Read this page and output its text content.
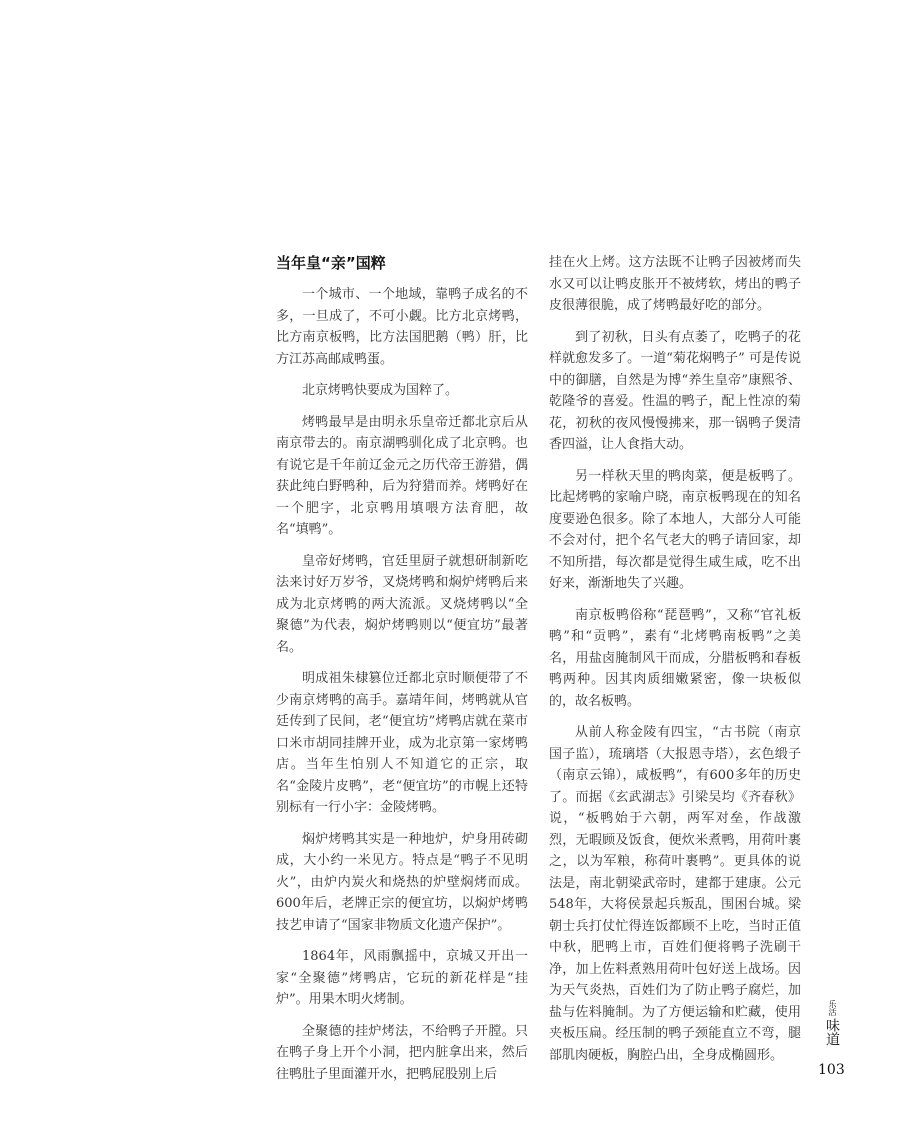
当年皇“亲”国粹

一个城市、一个地域，靠鸭子成名的不多，一旦成了，不可小觑。比方北京烤鸭，比方南京板鸭，比方法国肥鹅（鸭）肝，比方江苏高邮咸鸭蛋。

北京烤鸭快要成为国粹了。

烤鸭最早是由明永乐皇帝迁都北京后从南京带去的。南京湖鸭驯化成了北京鸭。也有说它是千年前辽金元之历代帝王游猎，偶获此纯白野鸭种，后为狩猎而养。烤鸭好在一个肥字，北京鸭用填喂方法育肥，故名“填鸭”。

皇帝好烤鸭，官廷里厨子就想研制新吃法来讨好万岁爷，叉烧烤鸭和焖炉烤鸭后来成为北京烤鸭的两大流派。叉烧烤鸭以“全聚德”为代表，焖炉烤鸭则以“便宜坊”最著名。

明成祖朱棣篡位迁都北京时顺便带了不少南京烤鸭的高手。嘉靖年间，烤鸭就从官廷传到了民间，老“便宜坊”烤鸭店就在菜市口米市胡同挂牌开业，成为北京第一家烤鸭店。当年生怕别人不知道它的正宗，取名“金陵片皮鸭”，老“便宜坊”的市幌上还特别标有一行小字：金陵烤鸭。

焖炉烤鸭其实是一种地炉，炉身用砖砌成，大小约一米见方。特点是“鸭子不见明火”，由炉内炭火和烧热的炉壁焖烤而成。600年后，老牌正宗的便宜坊，以焖炉烤鸭技艺申请了“国家非物质文化遗产保护”。

1864年，风雨飘摇中，京城又开出一家“全聚德”烤鸭店，它玩的新花样是“挂炉”。用果木明火烤制。

全聚德的挂炉烤法，不给鸭子开膛。只在鸭子身上开个小洞，把内脏拿出来，然后往鸭肚子里面灌开水，把鸭屁股别上后

挂在火上烤。这方法既不让鸭子因被烤而失水又可以让鸭皮胀开不被烤软，烤出的鸭子皮很薄很脆，成了烤鸭最好吃的部分。

到了初秋，日头有点萎了，吃鸭子的花样就愈发多了。一道“菊花焖鸭子” 可是传说中的御膳，自然是为博“养生皇帝”康熙爷、乾隆爷的喜爱。性温的鸭子，配上性凉的菊花，初秋的夜风慢慢拂来，那一锅鸭子煲清香四溢，让人食指大动。

另一样秋天里的鸭肉菜，便是板鸭了。比起烤鸭的家喻户晓，南京板鸭现在的知名度要逊色很多。除了本地人，大部分人可能不会对付，把个名气老大的鸭子请回家，却不知所措，每次都是觉得生咸生咸，吃不出好来，渐渐地失了兴趣。

南京板鸭俗称“琵琶鸭”，又称“官礼板鸭”和“贡鸭”，素有“北烤鸭南板鸭”之美名，用盐卤腌制风干而成，分腊板鸭和春板鸭两种。因其肉质细嫩紧密，像一块板似的，故名板鸭。

从前人称金陵有四宝，“古书院（南京国子监），琉璃塔（大报恩寺塔），玄色缎子（南京云锦），咸板鸭”，有600多年的历史了。而据《玄武湖志》引梁吴均《齐春秋》说，“板鸭始于六朝，两军对垒，作战激烈，无暇顾及饭食，便炊米煮鸭，用荷叶裹之，以为军粮，称荷叶裹鸭”。更具体的说法是，南北朝梁武帝时，建都于建康。公元548年，大将侯景起兵叛乱，围困台城。梁朝士兵打仗忙得连饭都顾不上吃，当时正值中秋，肥鸭上市，百姓们便将鸭子洗刷干净，加上佐料煮熟用荷叶包好送上战场。因为天气炎热，百姓们为了防止鸭子腐烂，加盐与佐料腌制。为了方便运输和贮藏，使用夹板压扁。经压制的鸭子颈能直立不弯，腿部肌肉硬板，胸腔凸出，全身成椭圆形。

乐活
味道
103
